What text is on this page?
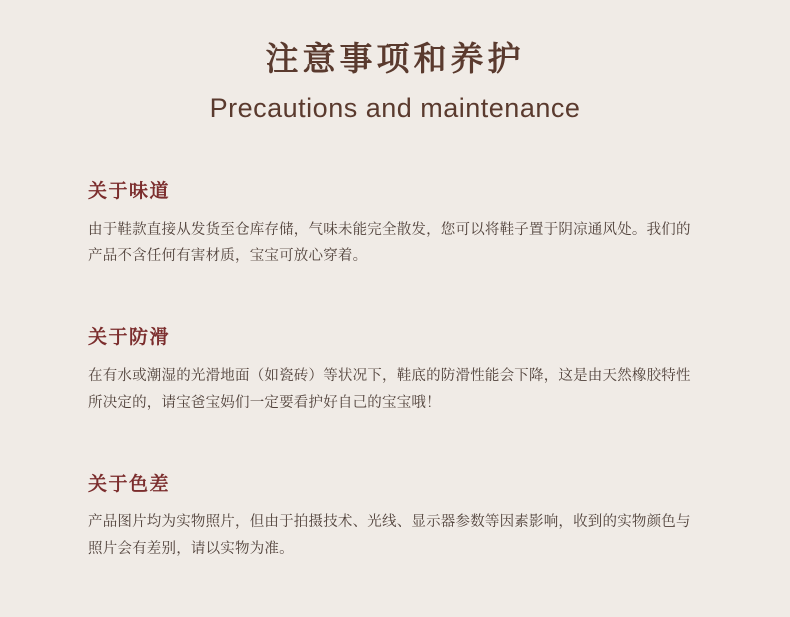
注意事项和养护
Precautions and maintenance
关于味道

由于鞋款直接从发货至仓库存储，气味未能完全散发，您可以将鞋子置于阴凉通风处。我们的产品不含任何有害材质，宝宝可放心穿着。

关于防滑

在有水或潮湿的光滑地面（如瓷砖）等状况下，鞋底的防滑性能会下降，这是由天然橡胶特性所决定的，请宝爸宝妈们一定要看护好自己的宝宝哦！

关于色差

产品图片均为实物照片，但由于拍摄技术、光线、显示器参数等因素影响，收到的实物颜色与照片会有差别，请以实物为准。
